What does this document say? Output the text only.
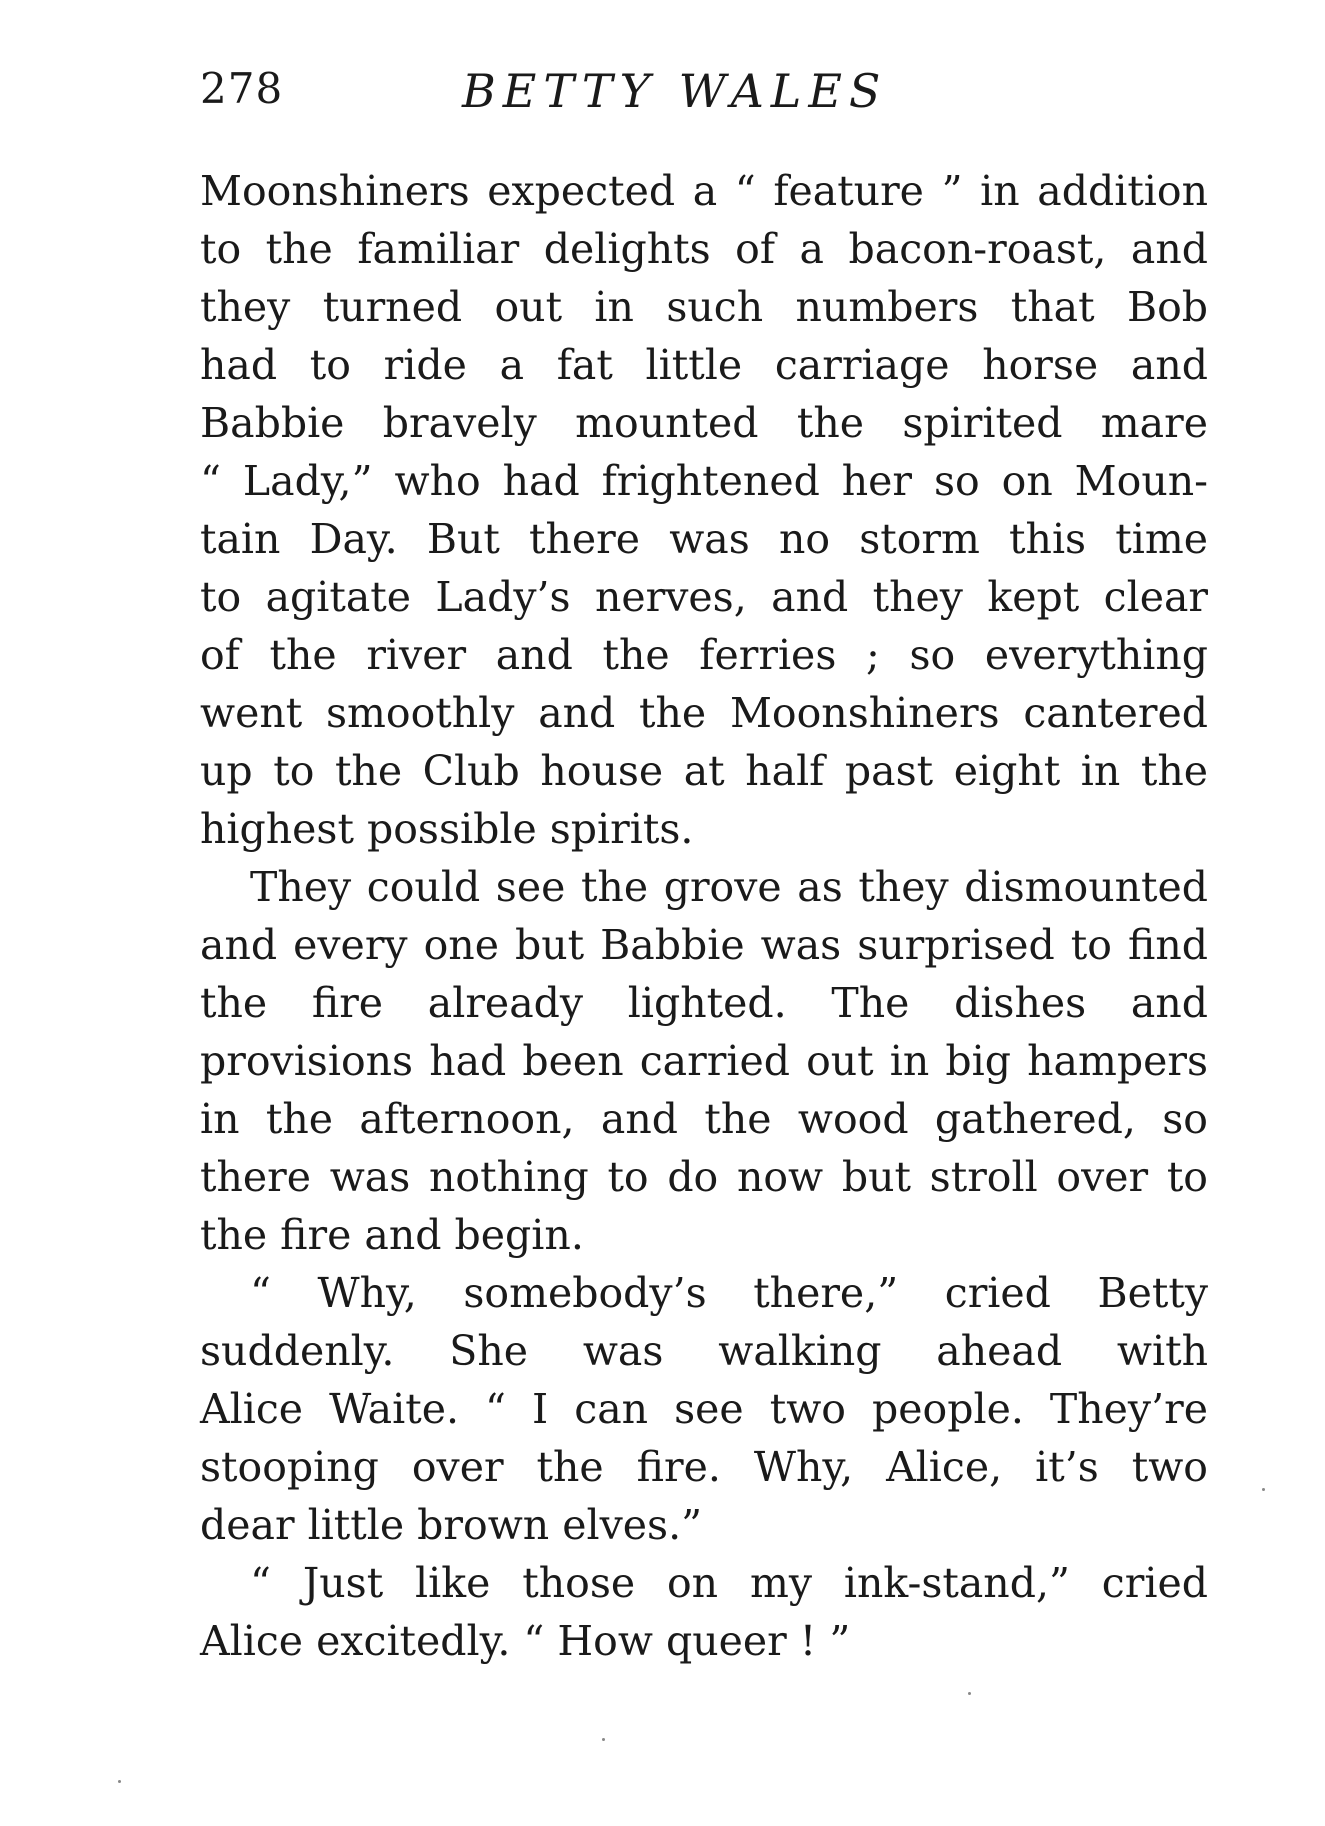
278	BETTY WALES
Moonshiners expected a “ feature ” in addition
to the familiar delights of a bacon-roast, and
they turned out in such numbers that Bob
had to ride a fat little carriage horse and
Babbie bravely mounted the spirited mare
“ Lady,” who had frightened her so on Moun-
tain Day. But there was no storm this time
to agitate Lady’s nerves, and they kept clear
of the river and the ferries ; so everything
went smoothly and the Moonshiners cantered
up to the Club house at half past eight in the
highest possible spirits.
They could see the grove as they dismounted
and every one but Babbie was surprised to find
the fire already lighted. The dishes and
provisions had been carried out in big hampers
in the afternoon, and the wood gathered, so
there was nothing to do now but stroll over to
the fire and begin.
“ Why, somebody’s there,” cried Betty
suddenly. She was walking ahead with
Alice Waite. “ I can see two people. They’re
stooping over the fire. Why, Alice, it’s two
dear little brown elves.”
“ Just like those on my ink-stand,” cried
Alice excitedly. “ How queer ! ”
